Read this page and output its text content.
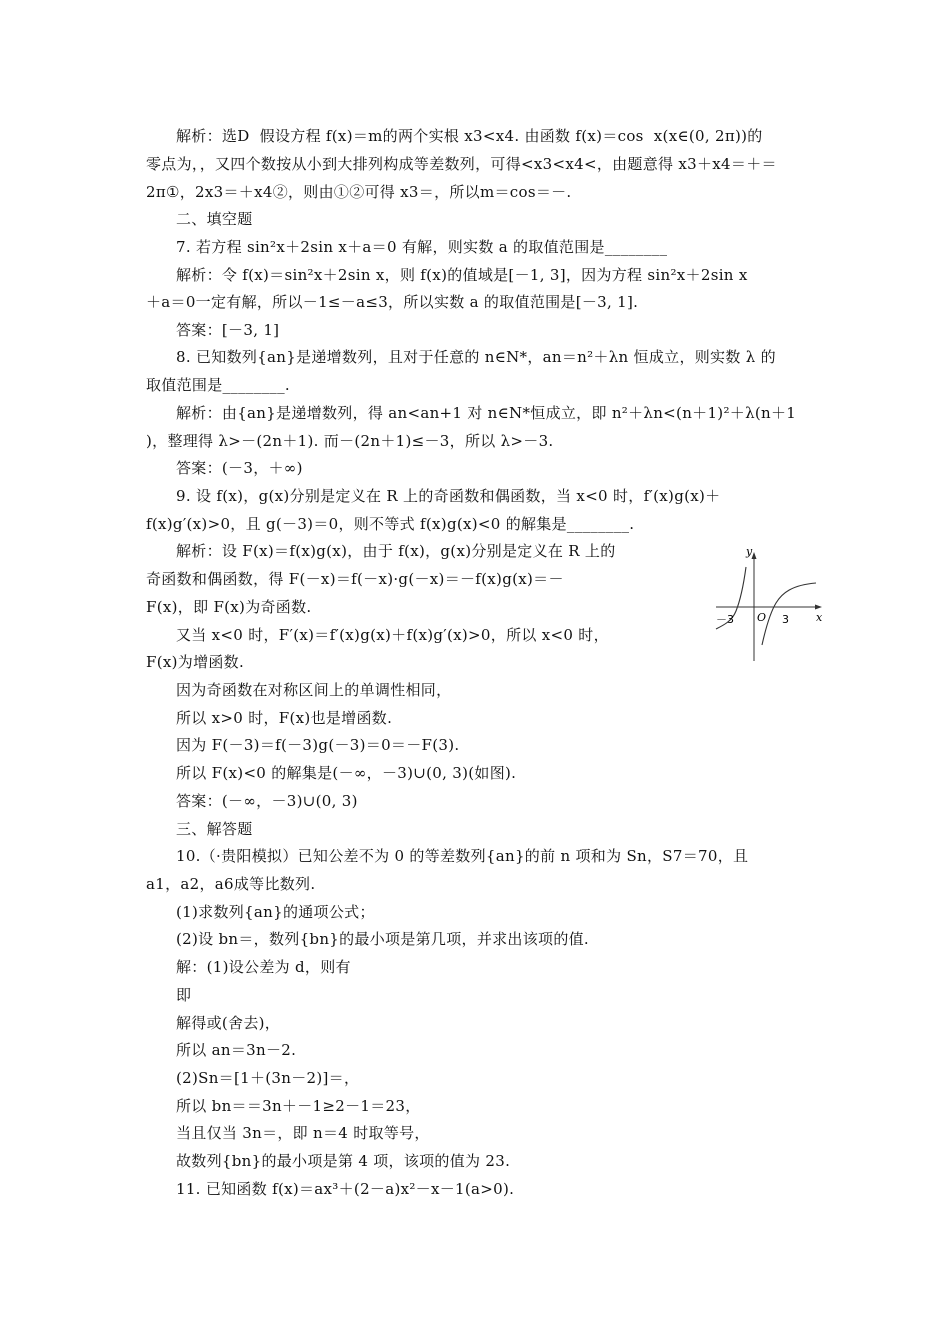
解析：选D  假设方程 f(x)＝m的两个实根 x3<x4. 由函数 f(x)＝cos  x(x∈(0, 2π))的
零点为，，又四个数按从小到大排列构成等差数列，可得<x3<x4<，由题意得 x3＋x4＝＋＝
2π①，2x3＝＋x4②，则由①②可得 x3＝，所以m＝cos＝－.
二、填空题
7. 若方程 sin²x＋2sin x＋a＝0 有解，则实数 a 的取值范围是________
解析：令 f(x)＝sin²x＋2sin x，则 f(x)的值域是[－1, 3]，因为方程 sin²x＋2sin x
＋a＝0一定有解，所以－1≤－a≤3，所以实数 a 的取值范围是[－3, 1].
答案：[－3, 1]
8. 已知数列{an}是递增数列，且对于任意的 n∈N*，an＝n²＋λn 恒成立，则实数 λ 的
取值范围是________.
解析：由{an}是递增数列，得 an<an+1 对 n∈N*恒成立，即 n²＋λn<(n＋1)²＋λ(n＋1
)，整理得 λ>－(2n＋1). 而－(2n＋1)≤－3，所以 λ>－3.
答案：(－3，＋∞)
9. 设 f(x)，g(x)分别是定义在 R 上的奇函数和偶函数，当 x<0 时，f′(x)g(x)＋
f(x)g′(x)>0，且 g(－3)＝0，则不等式 f(x)g(x)<0 的解集是________.
解析：设 F(x)＝f(x)g(x)，由于 f(x)，g(x)分别是定义在 R 上的
奇函数和偶函数，得 F(－x)＝f(－x)·g(－x)＝－f(x)g(x)＝－
F(x)，即 F(x)为奇函数.
又当 x<0 时，F′(x)＝f′(x)g(x)＋f(x)g′(x)>0，所以 x<0 时，
F(x)为增函数.
因为奇函数在对称区间上的单调性相同，
所以 x>0 时，F(x)也是增函数.
因为 F(－3)＝f(－3)g(－3)＝0＝－F(3).
所以 F(x)<0 的解集是(－∞，－3)∪(0, 3)(如图).
答案：(－∞，－3)∪(0, 3)
三、解答题
10.（·贵阳模拟）已知公差不为 0 的等差数列{an}的前 n 项和为 Sn，S7＝70，且
a1，a2，a6成等比数列.
(1)求数列{an}的通项公式；
(2)设 bn＝，数列{bn}的最小项是第几项，并求出该项的值.
解：(1)设公差为 d，则有
即
解得或(舍去)，
所以 an＝3n－2.
(2)Sn＝[1＋(3n－2)]＝，
所以 bn＝＝3n＋－1≥2－1＝23，
当且仅当 3n＝，即 n＝4 时取等号，
故数列{bn}的最小项是第 4 项，该项的值为 23.
11. 已知函数 f(x)＝ax³＋(2－a)x²－x－1(a>0).
y
x
O
－3	3
